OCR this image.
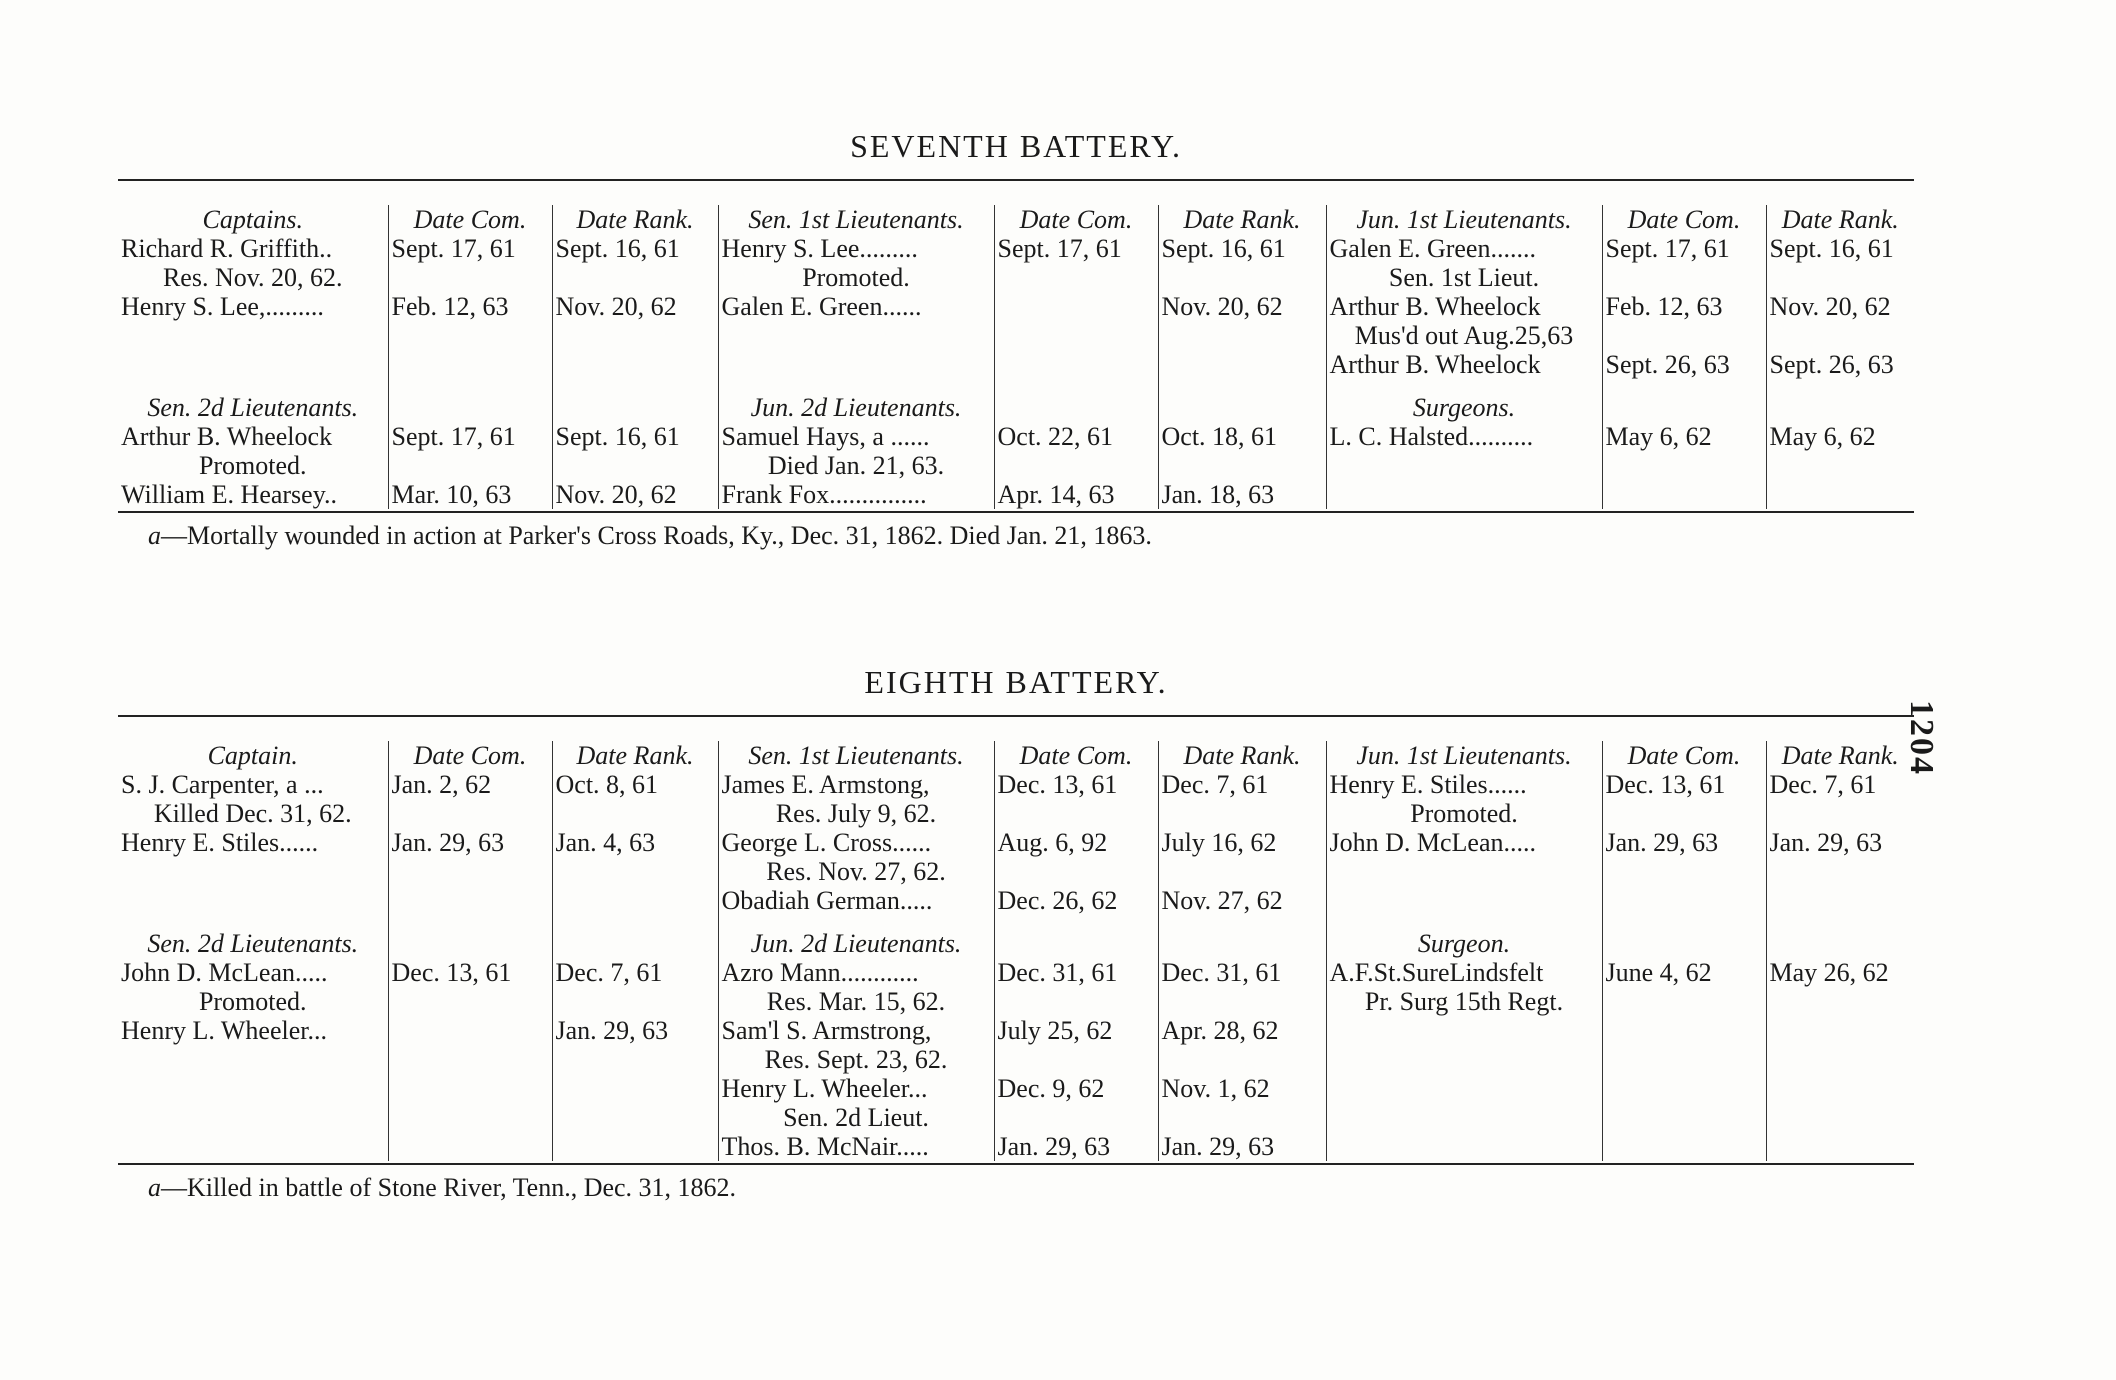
1204
SEVENTH BATTERY.
Captains.	Date Com.	Date Rank.	Sen. 1st Lieutenants.	Date Com.	Date Rank.	Jun. 1st Lieutenants.	Date Com.	Date Rank.
Richard R. Griffith..	Sept. 17, 61	Sept. 16, 61	Henry S. Lee.........	Sept. 17, 61	Sept. 16, 61	Galen E. Green.......	Sept. 17, 61	Sept. 16, 61
Res. Nov. 20, 62.			Promoted.			Sen. 1st Lieut.		
Henry S. Lee,.........	Feb. 12, 63	Nov. 20, 62	Galen E. Green......		Nov. 20, 62	Arthur B. Wheelock	Feb. 12, 63	Nov. 20, 62
						Mus'd out Aug.25,63		
						Arthur B. Wheelock	Sept. 26, 63	Sept. 26, 63

Sen. 2d Lieutenants.			Jun. 2d Lieutenants.			Surgeons.		
Arthur B. Wheelock	Sept. 17, 61	Sept. 16, 61	Samuel Hays, a ......	Oct. 22, 61	Oct. 18, 61	L. C. Halsted..........	May 6, 62	May 6, 62
Promoted.			Died Jan. 21, 63.					
William E. Hearsey..	Mar. 10, 63	Nov. 20, 62	Frank Fox...............	Apr. 14, 63	Jan. 18, 63			
a—Mortally wounded in action at Parker's Cross Roads, Ky., Dec. 31, 1862. Died Jan. 21, 1863.
EIGHTH BATTERY.
Captain.	Date Com.	Date Rank.	Sen. 1st Lieutenants.	Date Com.	Date Rank.	Jun. 1st Lieutenants.	Date Com.	Date Rank.
S. J. Carpenter, a ...	Jan. 2, 62	Oct. 8, 61	James E. Armstong,	Dec. 13, 61	Dec. 7, 61	Henry E. Stiles......	Dec. 13, 61	Dec. 7, 61
Killed Dec. 31, 62.			Res. July 9, 62.			Promoted.		
Henry E. Stiles......	Jan. 29, 63	Jan. 4, 63	George L. Cross......	Aug. 6, 92	July 16, 62	John D. McLean.....	Jan. 29, 63	Jan. 29, 63
			Res. Nov. 27, 62.					
			Obadiah German.....	Dec. 26, 62	Nov. 27, 62			

Sen. 2d Lieutenants.			Jun. 2d Lieutenants.			Surgeon.		
John D. McLean.....	Dec. 13, 61	Dec. 7, 61	Azro Mann............	Dec. 31, 61	Dec. 31, 61	A.F.St.SureLindsfelt	June 4, 62	May 26, 62
Promoted.			Res. Mar. 15, 62.			Pr. Surg 15th Regt.		
Henry L. Wheeler...		Jan. 29, 63	Sam'l S. Armstrong,	July 25, 62	Apr. 28, 62			
			Res. Sept. 23, 62.					
			Henry L. Wheeler...	Dec. 9, 62	Nov. 1, 62			
			Sen. 2d Lieut.					
			Thos. B. McNair.....	Jan. 29, 63	Jan. 29, 63			
a—Killed in battle of Stone River, Tenn., Dec. 31, 1862.
